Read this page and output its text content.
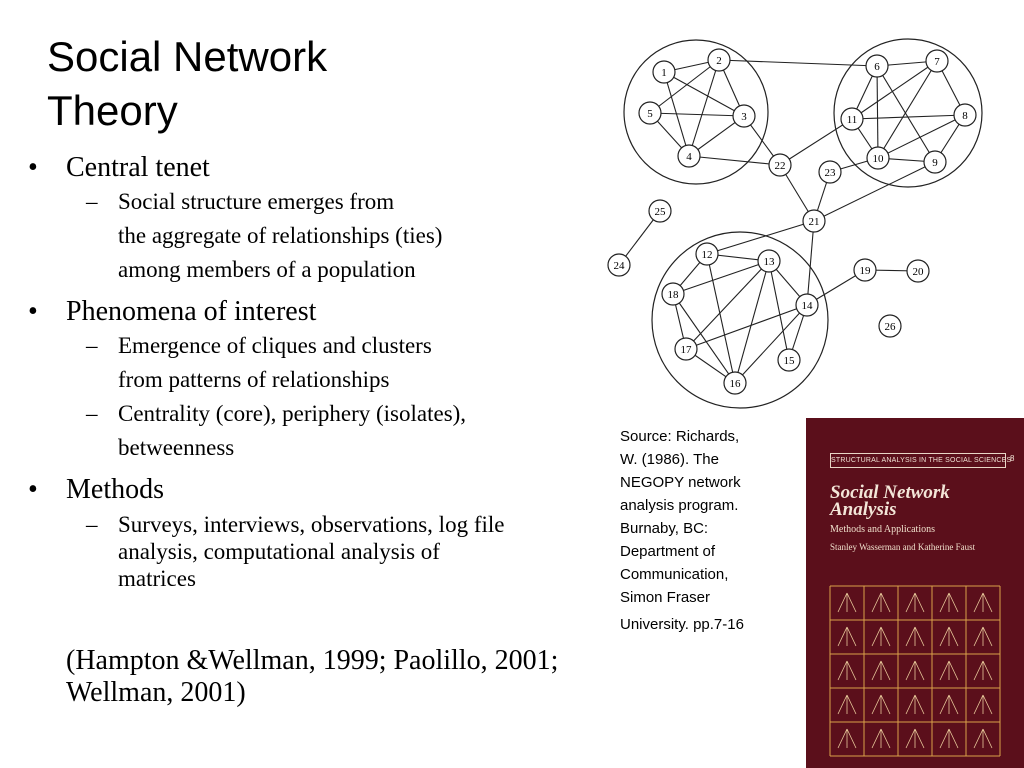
Social Network Theory
• Central tenet
– Social structure emerges from
the aggregate of relationships (ties)
among members of a population
• Phenomena of interest
– Emergence of cliques and clusters
from patterns of relationships
– Centrality (core), periphery (isolates),
betweenness
• Methods
– Surveys, interviews, observations, log file
analysis, computational analysis of
matrices
(Hampton &Wellman, 1999; Paolillo, 2001; Wellman, 2001)
1
2
3
4
5
6	7
8
9
10
11
12
13
14
15
16
17
18
19	20
21
22
23
24
25
26
Source: Richards,
W. (1986). The
NEGOPY network
analysis program.
Burnaby, BC:
Department of
Communication,
Simon Fraser
University. pp.7-16
STRUCTURAL ANALYSIS IN THE SOCIAL SCIENCES
8
Social Network
Analysis
Methods and Applications
Stanley Wasserman and Katherine Faust
